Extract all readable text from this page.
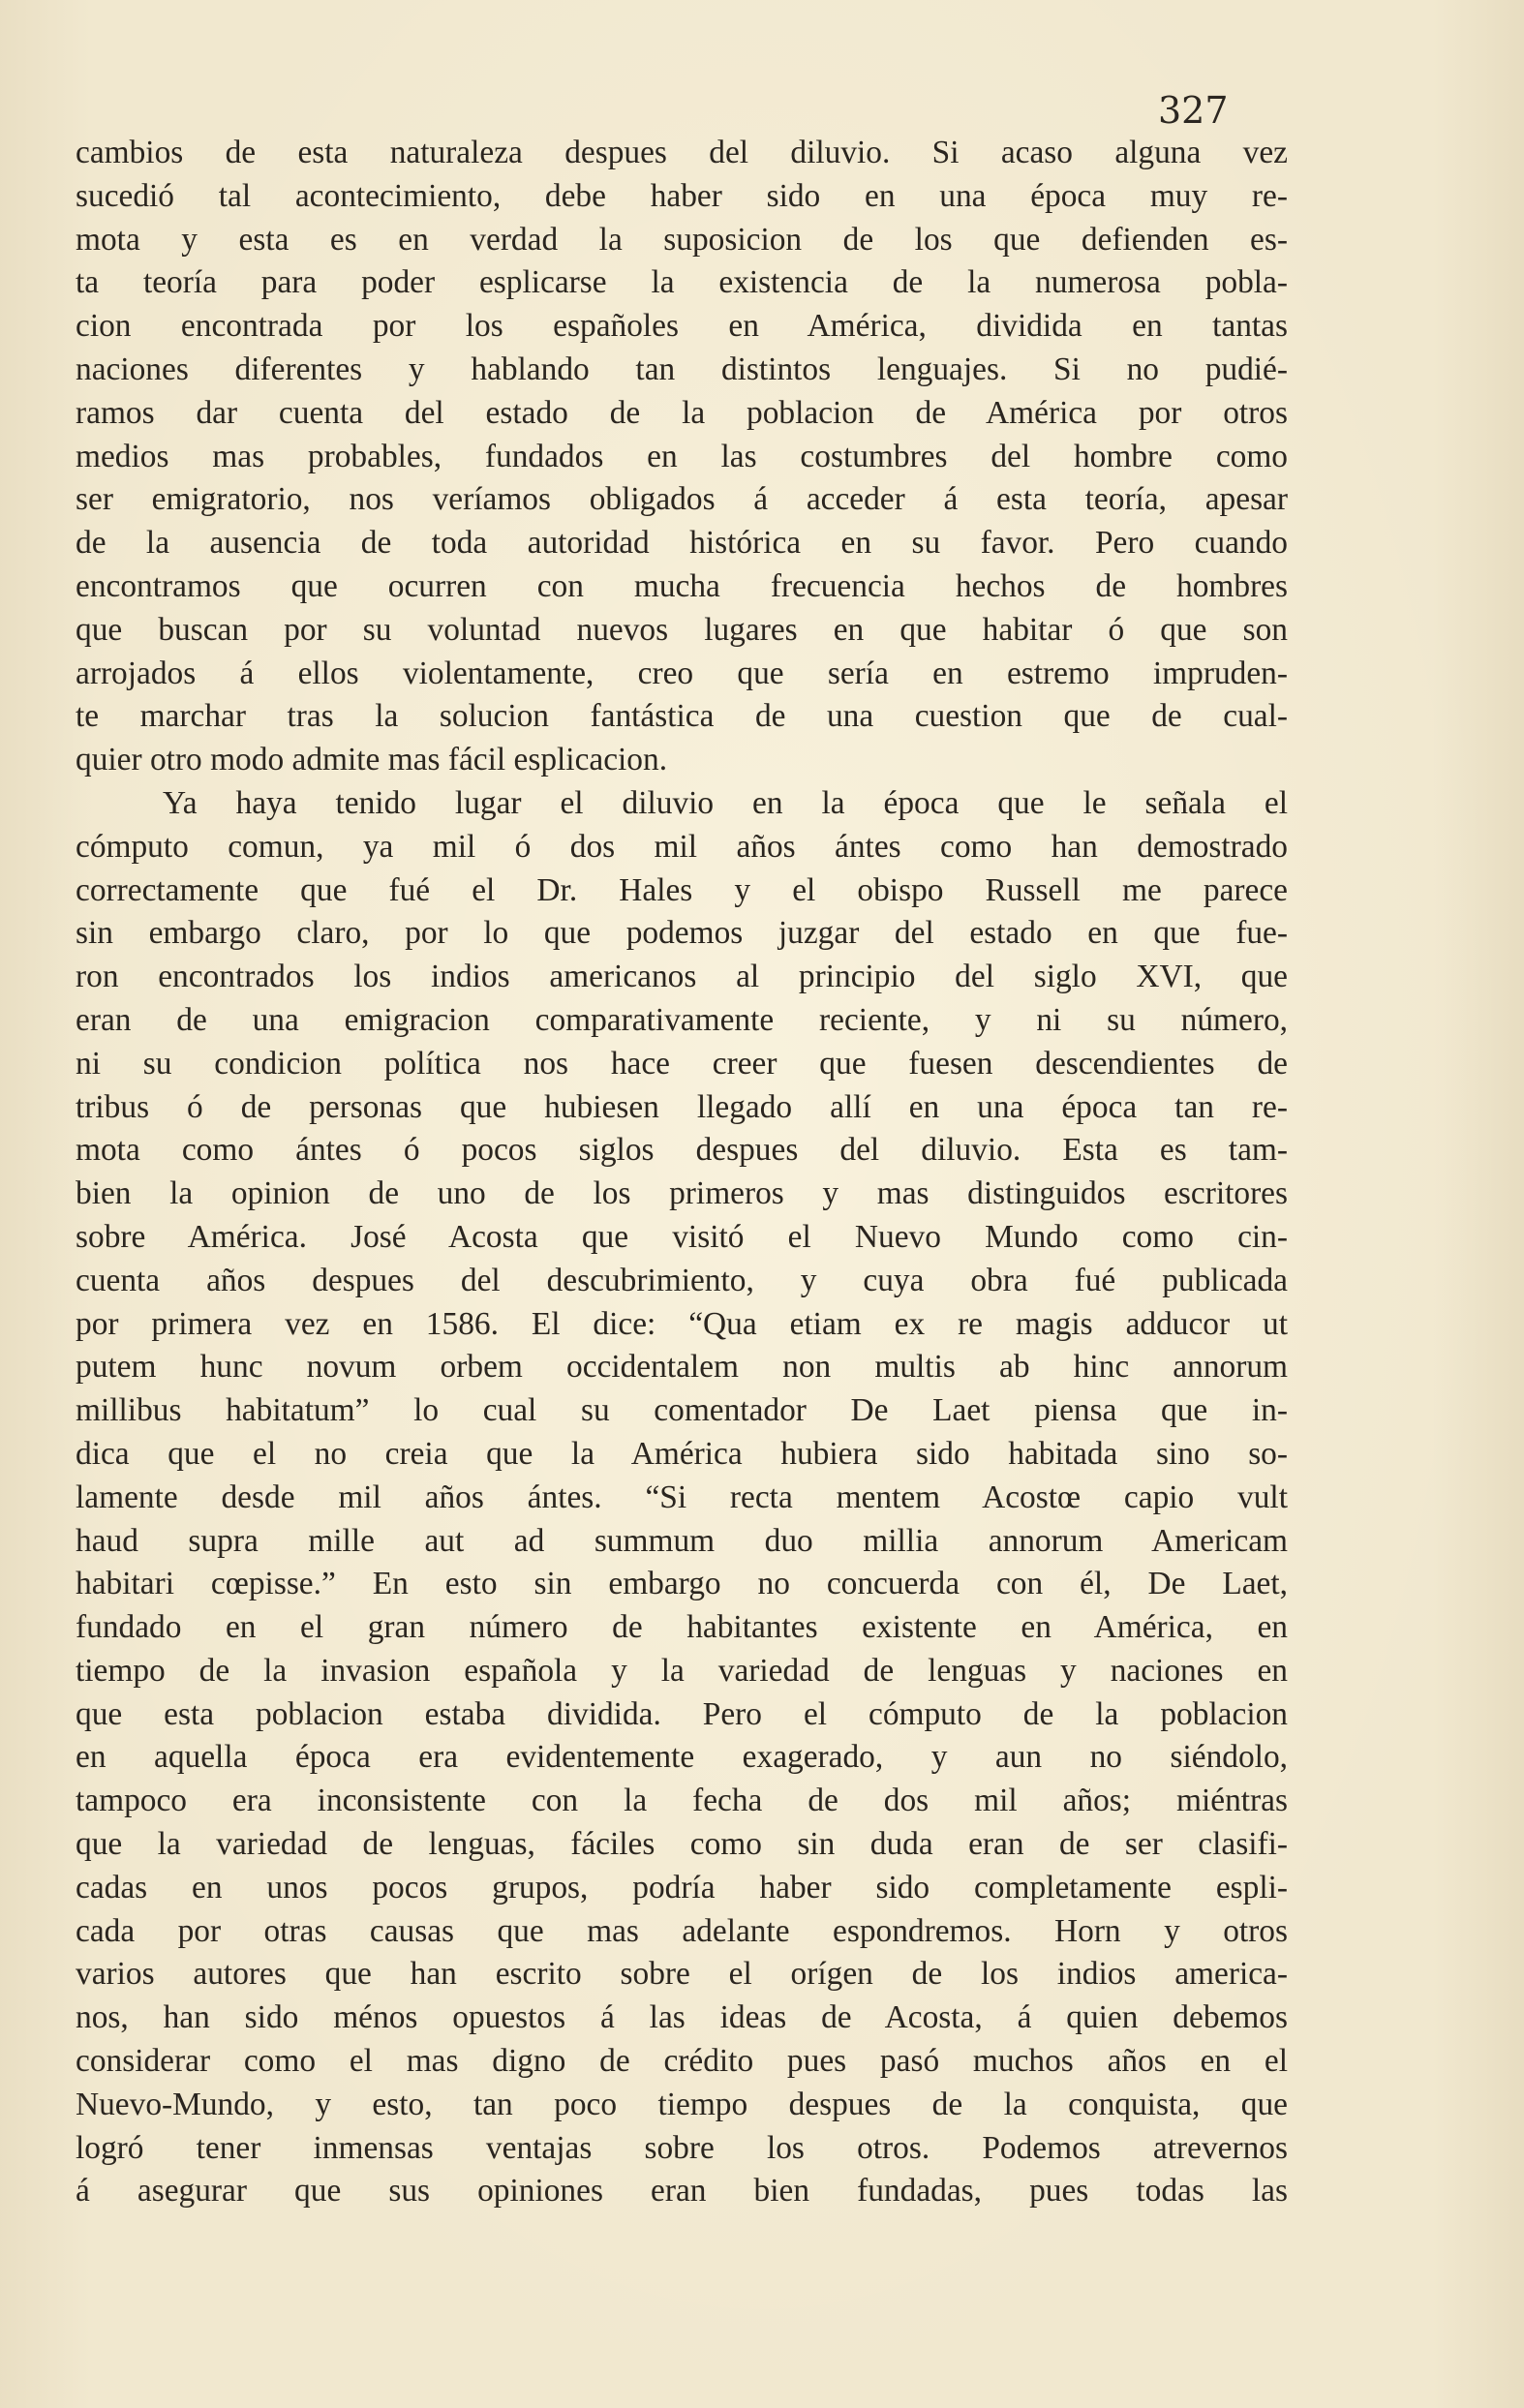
327
cambios de esta naturaleza despues del diluvio. Si acaso alguna vez
sucedió tal acontecimiento, debe haber sido en una época muy re-
mota y esta es en verdad la suposicion de los que defienden es-
ta teoría para poder esplicarse la existencia de la numerosa pobla-
cion encontrada por los españoles en América, dividida en tantas
naciones diferentes y hablando tan distintos lenguajes. Si no pudié-
ramos dar cuenta del estado de la poblacion de América por otros
medios mas probables, fundados en las costumbres del hombre como
ser emigratorio, nos veríamos obligados á acceder á esta teoría, apesar
de la ausencia de toda autoridad histórica en su favor. Pero cuando
encontramos que ocurren con mucha frecuencia hechos de hombres
que buscan por su voluntad nuevos lugares en que habitar ó que son
arrojados á ellos violentamente, creo que sería en estremo impruden-
te marchar tras la solucion fantástica de una cuestion que de cual-
quier otro modo admite mas fácil esplicacion.
Ya haya tenido lugar el diluvio en la época que le señala el
cómputo comun, ya mil ó dos mil años ántes como han demostrado
correctamente que fué el Dr. Hales y el obispo Russell me parece
sin embargo claro, por lo que podemos juzgar del estado en que fue-
ron encontrados los indios americanos al principio del siglo XVI, que
eran de una emigracion comparativamente reciente, y ni su número,
ni su condicion política nos hace creer que fuesen descendientes de
tribus ó de personas que hubiesen llegado allí en una época tan re-
mota como ántes ó pocos siglos despues del diluvio. Esta es tam-
bien la opinion de uno de los primeros y mas distinguidos escritores
sobre América. José Acosta que visitó el Nuevo Mundo como cin-
cuenta años despues del descubrimiento, y cuya obra fué publicada
por primera vez en 1586. El dice: “Qua etiam ex re magis adducor ut
putem hunc novum orbem occidentalem non multis ab hinc annorum
millibus habitatum” lo cual su comentador De Laet piensa que in-
dica que el no creia que la América hubiera sido habitada sino so-
lamente desde mil años ántes. “Si recta mentem Acostœ capio vult
haud supra mille aut ad summum duo millia annorum Americam
habitari cœpisse.” En esto sin embargo no concuerda con él, De Laet,
fundado en el gran número de habitantes existente en América, en
tiempo de la invasion española y la variedad de lenguas y naciones en
que esta poblacion estaba dividida. Pero el cómputo de la poblacion
en aquella época era evidentemente exagerado, y aun no siéndolo,
tampoco era inconsistente con la fecha de dos mil años; miéntras
que la variedad de lenguas, fáciles como sin duda eran de ser clasifi-
cadas en unos pocos grupos, podría haber sido completamente espli-
cada por otras causas que mas adelante espondremos. Horn y otros
varios autores que han escrito sobre el orígen de los indios america-
nos, han sido ménos opuestos á las ideas de Acosta, á quien debemos
considerar como el mas digno de crédito pues pasó muchos años en el
Nuevo-Mundo, y esto, tan poco tiempo despues de la conquista, que
logró tener inmensas ventajas sobre los otros. Podemos atrevernos
á asegurar que sus opiniones eran bien fundadas, pues todas las
